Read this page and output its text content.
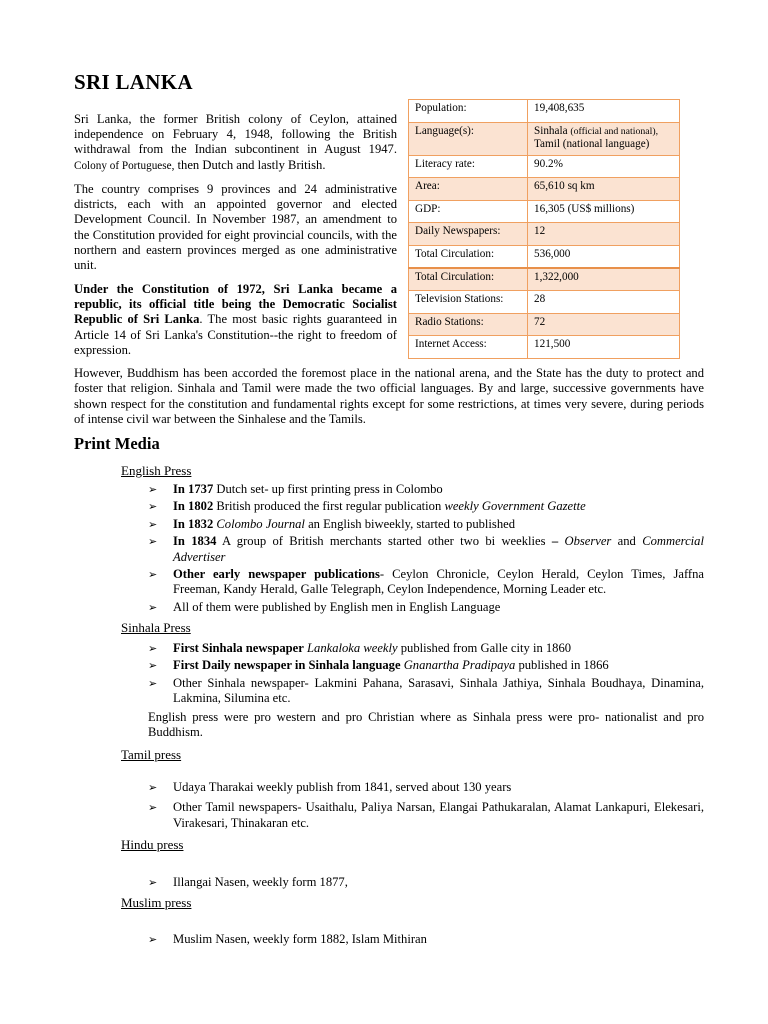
SRI LANKA

Sri Lanka, the former British colony of Ceylon, attained independence on February 4, 1948, following the British withdrawal from the Indian subcontinent in August 1947. Colony of Portuguese, then Dutch and lastly British.

The country comprises 9 provinces and 24 administrative districts, each with an appointed governor and elected Development Council. In November 1987, an amendment to the Constitution provided for eight provincial councils, with the northern and eastern provinces merged as one administrative unit.

Under the Constitution of 1972, Sri Lanka became a republic, its official title being the Democratic Socialist Republic of Sri Lanka. The most basic rights guaranteed in Article 14 of Sri Lanka's Constitution--the right to freedom of expression.

Population:	19,408,635
Language(s):	Sinhala (official and national),
Tamil (national language)
Literacy rate:	90.2%
Area:	65,610 sq km
GDP:	16,305 (US$ millions)
Daily Newspapers:	12
Total Circulation:	536,000
Total Circulation:	1,322,000
Television Stations:	28
Radio Stations:	72
Internet Access:	121,500

However, Buddhism has been accorded the foremost place in the national arena, and the State has the duty to protect and foster that religion. Sinhala and Tamil were made the two official languages. By and large, successive governments have shown respect for the constitution and fundamental rights except for some restrictions, at times very severe, during periods of intense civil war between the Sinhalese and the Tamils.

Print Media

English Press

➢ In 1737 Dutch set- up first printing press in Colombo
➢ In 1802 British produced the first regular publication weekly Government Gazette
➢ In 1832 Colombo Journal an English biweekly, started to published
➢ In 1834 A group of British merchants started other two bi weeklies – Observer and Commercial Advertiser
➢ Other early newspaper publications- Ceylon Chronicle, Ceylon Herald, Ceylon Times, Jaffna Freeman, Kandy Herald, Galle Telegraph, Ceylon Independence, Morning Leader etc.
➢ All of them were published by English men in English Language

Sinhala Press

➢ First Sinhala newspaper Lankaloka weekly published from Galle city in 1860
➢ First Daily newspaper in Sinhala language Gnanartha Pradipaya published in 1866
➢ Other Sinhala newspaper- Lakmini Pahana, Sarasavi, Sinhala Jathiya, Sinhala Boudhaya, Dinamina, Lakmina, Silumina etc.

English press were pro western and pro Christian where as Sinhala press were pro- nationalist and pro Buddhism.

Tamil press

➢ Udaya Tharakai weekly publish from 1841, served about 130 years
➢ Other Tamil newspapers- Usaithalu, Paliya Narsan, Elangai Pathukaralan, Alamat Lankapuri, Elekesari, Virakesari, Thinakaran etc.

Hindu press

➢ Illangai Nasen, weekly form 1877,

Muslim press

➢ Muslim Nasen, weekly form 1882, Islam Mithiran
